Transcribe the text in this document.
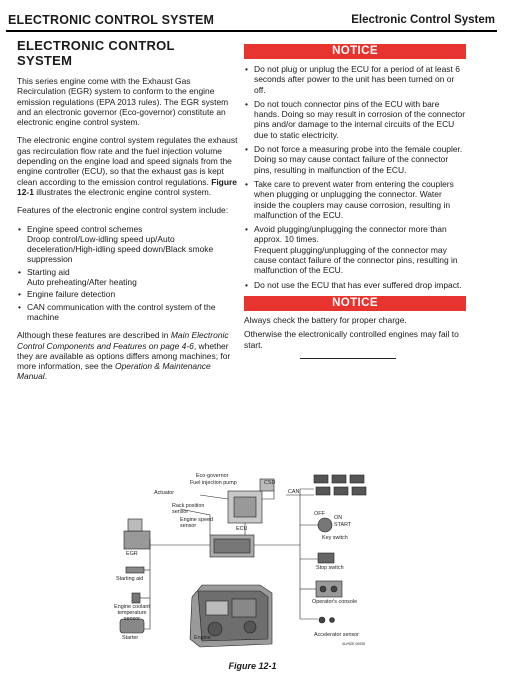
ELECTRONIC CONTROL SYSTEM	Electronic Control System
ELECTRONIC CONTROL
SYSTEM

This series engine come with the Exhaust Gas Recirculation (EGR) system to conform to the engine emission regulations (EPA 2013 rules). The EGR system and an electronic governor (Eco-governor) constitute an electronic engine control system.

The electronic engine control system regulates the exhaust gas recirculation flow rate and the fuel injection volume depending on the engine load and speed signals from the engine controller (ECU), so that the exhaust gas is kept clean according to the emission control regulations. Figure 12-1 illustrates the electronic engine control system.

Features of the electronic engine control system include:

• Engine speed control schemes
Droop control/Low-idling speed up/Auto deceleration/High-idling speed down/Black smoke suppression
• Starting aid
Auto preheating/After heating
• Engine failure detection
• CAN communication with the control system of the machine

Although these features are described in Main Electronic Control Components and Features on page 4-6, whether they are available as options differs among machines; for more information, see the Operation & Maintenance Manual.

NOTICE
• Do not plug or unplug the ECU for a period of at least 6 seconds after power to the unit has been turned on or off.
• Do not touch connector pins of the ECU with bare hands. Doing so may result in corrosion of the connector pins and/or damage to the internal circuits of the ECU due to static electricity.
• Do not force a measuring probe into the female coupler. Doing so may cause contact failure of the connector pins, resulting in malfunction of the ECU.
• Take care to prevent water from entering the couplers when plugging or unplugging the connector. Water inside the couplers may cause corrosion, resulting in malfunction of the ECU.
• Avoid plugging/unplugging the connector more than approx. 10 times.
Frequent plugging/unplugging of the connector may cause contact failure of the connector pins, resulting in malfunction of the ECU.
• Do not use the ECU that has ever suffered drop impact.
NOTICE

Always check the battery for proper charge.

Otherwise the electronically controlled engines may fail to start.

Eco-governor
Fuel injection pump
Actuator
Rack position sensor
Engine speed sensor	ECU
CSD
CAN
OFF
ON
START
Key switch
EGR
Starting aid
Engine coolant temperature sensor
Starter	Engine
Stop switch
Operator's console
Accelerator sensor
4LV9ZE 00005
Figure 12-1
